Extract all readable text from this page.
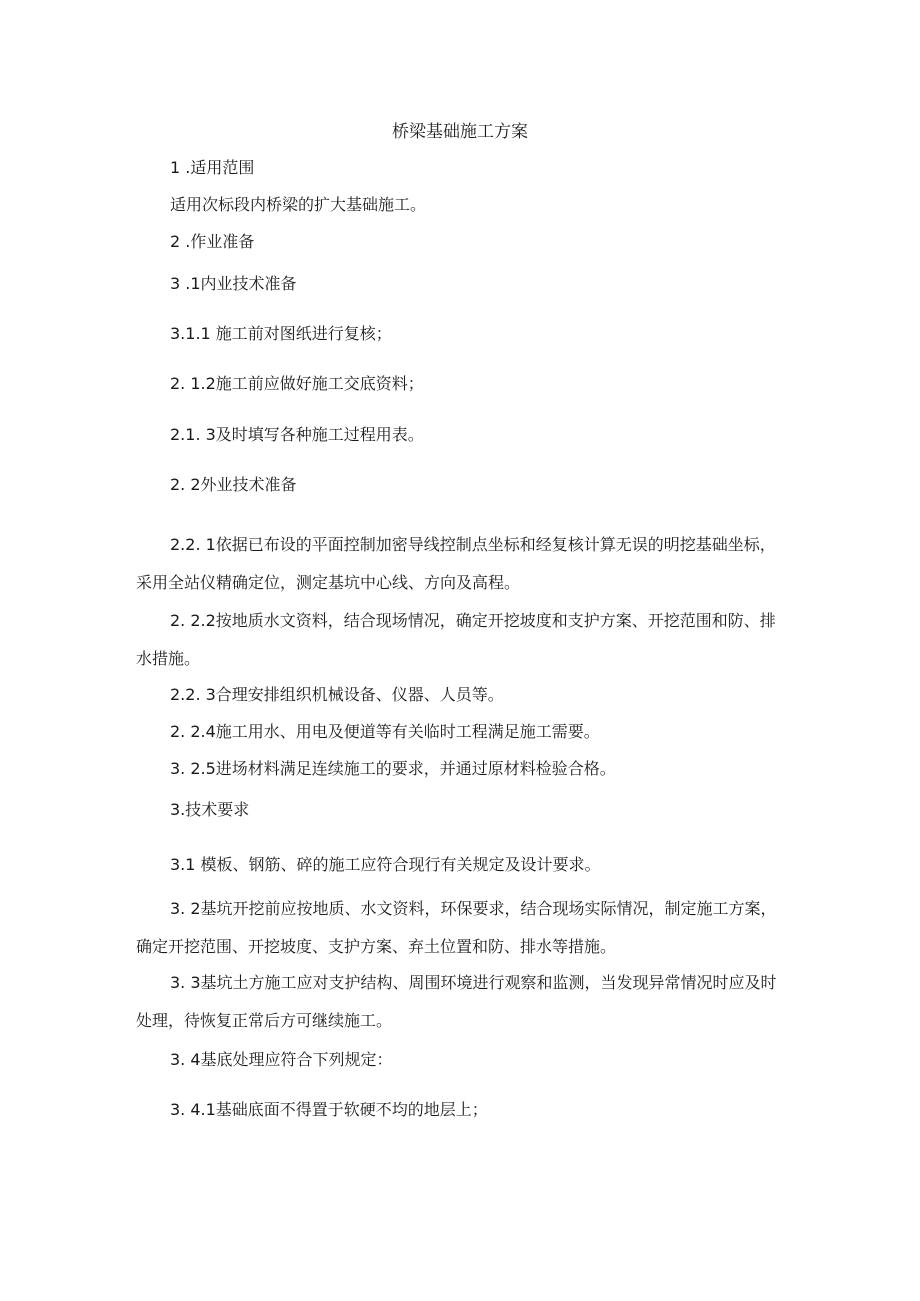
桥梁基础施工方案
1 .适用范围
适用次标段内桥梁的扩大基础施工。
2 .作业准备
3 .1内业技术准备
3.1.1 施工前对图纸进行复核；
2. 1.2施工前应做好施工交底资料；
2.1. 3及时填写各种施工过程用表。
2. 2外业技术准备
2.2. 1依据已布设的平面控制加密导线控制点坐标和经复核计算无误的明挖基础坐标，采用全站仪精确定位，测定基坑中心线、方向及高程。
2. 2.2按地质水文资料，结合现场情况，确定开挖坡度和支护方案、开挖范围和防、排水措施。
2.2. 3合理安排组织机械设备、仪器、人员等。
2. 2.4施工用水、用电及便道等有关临时工程满足施工需要。
3. 2.5进场材料满足连续施工的要求，并通过原材料检验合格。
3.技术要求
3.1 模板、钢筋、碎的施工应符合现行有关规定及设计要求。
3. 2基坑开挖前应按地质、水文资料，环保要求，结合现场实际情况，制定施工方案，确定开挖范围、开挖坡度、支护方案、弃土位置和防、排水等措施。
3. 3基坑土方施工应对支护结构、周围环境进行观察和监测，当发现异常情况时应及时处理，待恢复正常后方可继续施工。
3. 4基底处理应符合下列规定：
3. 4.1基础底面不得置于软硬不均的地层上；
